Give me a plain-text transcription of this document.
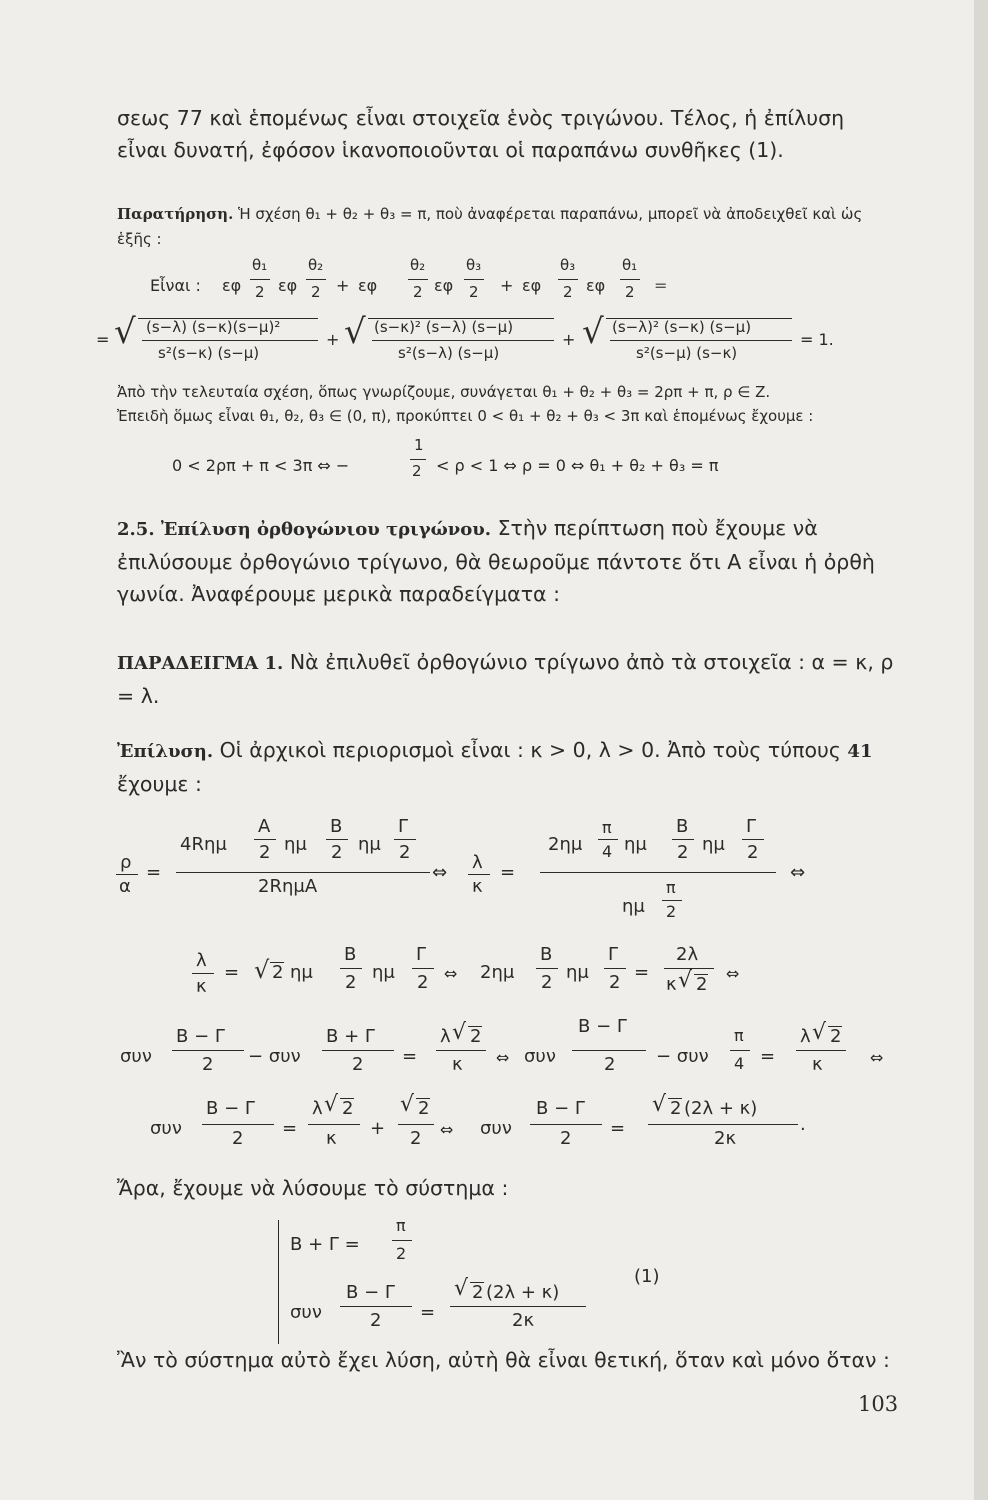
σεως 77 καὶ ἑπομένως εἶναι στοιχεῖα ἑνὸς τριγώνου. Τέλος, ἡ ἐπίλυση εἶναι δυνατή, ἐφόσον ἱκανοποιοῦνται οἱ παραπάνω συνθῆκες (1).

Παρατήρηση. Ἡ σχέση θ₁ + θ₂ + θ₃ = π, ποὺ ἀναφέρεται παραπάνω, μπορεῖ νὰ ἀποδειχθεῖ καὶ ὡς ἑξῆς :

Εἶναι : εφ
θ₁
2 εφ
θ₂
2 + εφ
θ₂
2 εφ
θ₃
2 + εφ
θ₃
2 εφ
θ₁
2 =
= √ (s−λ) (s−κ)(s−μ)²
s²(s−κ) (s−μ)
+ √ (s−κ)² (s−λ) (s−μ)
s²(s−λ) (s−μ)
+ √ (s−λ)² (s−κ) (s−μ)
s²(s−μ) (s−κ)
= 1.

Ἀπὸ τὴν τελευταία σχέση, ὅπως γνωρίζουμε, συνάγεται θ₁ + θ₂ + θ₃ = 2ρπ + π, ρ ∈ Z.

Ἐπειδὴ ὅμως εἶναι θ₁, θ₂, θ₃ ∈ (0, π), προκύπτει 0 < θ₁ + θ₂ + θ₃ < 3π καὶ ἑπομένως ἔχουμε :

0 < 2ρπ + π < 3π ⇔ −
1
2 < ρ < 1 ⇔ ρ = 0 ⇔ θ₁ + θ₂ + θ₃ = π

2.5. Ἐπίλυση ὀρθογώνιου τριγώνου. Στὴν περίπτωση ποὺ ἔχουμε νὰ ἐπιλύσουμε ὀρθογώνιο τρίγωνο, θὰ θεωροῦμε πάντοτε ὅτι Α εἶναι ἡ ὀρθὴ γωνία. Ἀναφέρουμε μερικὰ παραδείγματα :

ΠΑΡΑΔΕΙΓΜΑ 1. Νὰ ἐπιλυθεῖ ὀρθογώνιο τρίγωνο ἀπὸ τὰ στοιχεῖα : α = κ, ρ = λ.

Ἐπίλυση. Οἱ ἀρχικοὶ περιορισμοὶ εἶναι : κ > 0, λ > 0. Ἀπὸ τοὺς τύπους 41 ἔχουμε :

ρ
α
=
4Rημ
Α
2 ημ
Β
2 ημ
Γ
2
2RημΑ
⇔ λ
κ
=
2ημ
π
4 ημ
Β
2 ημ
Γ
2
ημ
π
2
⇔
λ
κ
= √ 2 ημ
Β
2 ημ
Γ
2 ⇔ 2ημ
Β
2 ημ
Γ
2 =
2λ
κ √ 2
⇔
συν
Β − Γ
2 − συν
Β + Γ
2 =
λ √ 2
κ ⇔ συν
Β − Γ
2 − συν
π
4 =
λ √ 2
κ	⇔
συν
Β − Γ
2 =
λ √ 2
κ +
√ 2
2 ⇔ συν
Β − Γ
2 =
√ 2 (2λ + κ)
2κ
.

Ἄρα, ἔχουμε νὰ λύσουμε τὸ σύστημα :

Β + Γ =
π
2
συν
Β − Γ
2 =
√ 2 (2λ + κ)
2κ
(1)

Ἂν τὸ σύστημα αὐτὸ ἔχει λύση, αὐτὴ θὰ εἶναι θετική, ὅταν καὶ μόνο ὅταν :

103
